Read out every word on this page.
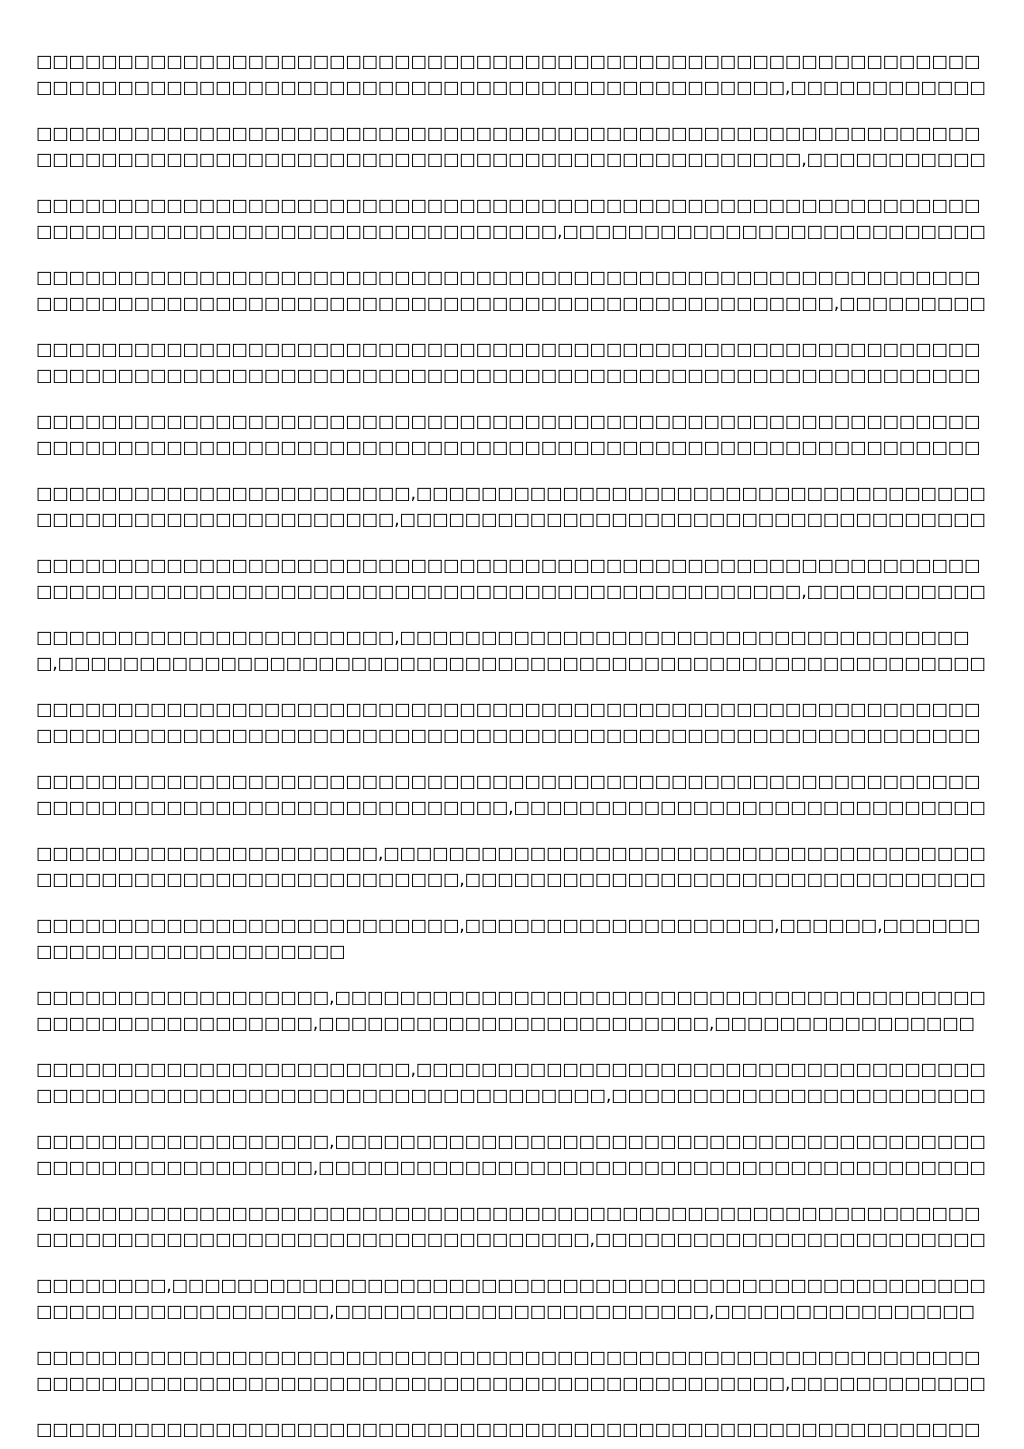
□□□□□□□□□□□□□□□□□□□□□□□□□□□□□□□□□□□□□□□□□□□□□□□□□□□□□□□□□□□□□□□□□□□□□□□□□□□□□□□□□□□□□□□□□□□□□□□□□□□□□□□□,□□□□□□□□□□□□

□□□□□□□□□□□□□□□□□□□□□□□□□□□□□□□□□□□□□□□□□□□□□□□□□□□□□□□□□□□□□□□□□□□□□□□□□□□□□□□□□□□□□□□□□□□□□□□□□□□□□□□□□,□□□□□□□□□□□

□□□□□□□□□□□□□□□□□□□□□□□□□□□□□□□□□□□□□□□□□□□□□□□□□□□□□□□□□□□□□□□□□□□□□□□□□□□□□□□□□□□□□□□□□□,□□□□□□□□□□□□□□□□□□□□□□□□□□

□□□□□□□□□□□□□□□□□□□□□□□□□□□□□□□□□□□□□□□□□□□□□□□□□□□□□□□□□□□□□□□□□□□□□□□□□□□□□□□□□□□□□□□□□□□□□□□□□□□□□□□□□□□,□□□□□□□□□

□□□□□□□□□□□□□□□□□□□□□□□□□□□□□□□□□□□□□□□□□□□□□□□□□□□□□□□□□□□□□□□□□□□□□□□□□□□□□□□□□□□□□□□□□□□□□□□□□□□□□□□□□□□□□□□□□□□□

□□□□□□□□□□□□□□□□□□□□□□□□□□□□□□□□□□□□□□□□□□□□□□□□□□□□□□□□□□□□□□□□□□□□□□□□□□□□□□□□□□□□□□□□□□□□□□□□□□□□□□□□□□□□□□□□□□□□

□□□□□□□□□□□□□□□□□□□□□□□,□□□□□□□□□□□□□□□□□□□□□□□□□□□□□□□□□□□□□□□□□□□□□□□□□□□□□□□□□,□□□□□□□□□□□□□□□□□□□□□□□□□□□□□□□□□□□□

□□□□□□□□□□□□□□□□□□□□□□□□□□□□□□□□□□□□□□□□□□□□□□□□□□□□□□□□□□□□□□□□□□□□□□□□□□□□□□□□□□□□□□□□□□□□□□□□□□□□□□□□□,□□□□□□□□□□□

□□□□□□□□□□□□□□□□□□□□□□,□□□□□□□□□□□□□□□□□□□□□□□□□□□□□□□□□□□□,□□□□□□□□□□□□□□□□□□□□□□□□□□□□□□□□□□□□□□□□□□□□□□□□□□□□□□□□□

□□□□□□□□□□□□□□□□□□□□□□□□□□□□□□□□□□□□□□□□□□□□□□□□□□□□□□□□□□□□□□□□□□□□□□□□□□□□□□□□□□□□□□□□□□□□□□□□□□□□□□□□□□□□□□□□□□□□

□□□□□□□□□□□□□□□□□□□□□□□□□□□□□□□□□□□□□□□□□□□□□□□□□□□□□□□□□□□□□□□□□□□□□□□□□□□□□□□□□□□□□□□,□□□□□□□□□□□□□□□□□□□□□□□□□□□□□

□□□□□□□□□□□□□□□□□□□□□,□□□□□□□□□□□□□□□□□□□□□□□□□□□□□□□□□□□□□□□□□□□□□□□□□□□□□□□□□□□□□□□,□□□□□□□□□□□□□□□□□□□□□□□□□□□□□□□□

□□□□□□□□□□□□□□□□□□□□□□□□□□,□□□□□□□□□□□□□□□□□□□,□□□□□□,□□□□□□□□□□□□□□□□□□□□□□□□□

□□□□□□□□□□□□□□□□□□,□□□□□□□□□□□□□□□□□□□□□□□□□□□□□□□□□□□□□□□□□□□□□□□□□□□□□□□□□,□□□□□□□□□□□□□□□□□□□□□□□□,□□□□□□□□□□□□□□□□

□□□□□□□□□□□□□□□□□□□□□□□,□□□□□□□□□□□□□□□□□□□□□□□□□□□□□□□□□□□□□□□□□□□□□□□□□□□□□□□□□□□□□□□□□□□□□□,□□□□□□□□□□□□□□□□□□□□□□□

□□□□□□□□□□□□□□□□□□,□□□□□□□□□□□□□□□□□□□□□□□□□□□□□□□□□□□□□□□□□□□□□□□□□□□□□□□□□,□□□□□□□□□□□□□□□□□□□□□□□□□□□□□□□□□□□□□□□□□

□□□□□□□□□□□□□□□□□□□□□□□□□□□□□□□□□□□□□□□□□□□□□□□□□□□□□□□□□□□□□□□□□□□□□□□□□□□□□□□□□□□□□□□□□□□□,□□□□□□□□□□□□□□□□□□□□□□□□

□□□□□□□□,□□□□□□□□□□□□□□□□□□□□□□□□□□□□□□□□□□□□□□□□□□□□□□□□□□□□□□□□□□□□□□□□□□□□,□□□□□□□□□□□□□□□□□□□□□□□,□□□□□□□□□□□□□□□□

□□□□□□□□□□□□□□□□□□□□□□□□□□□□□□□□□□□□□□□□□□□□□□□□□□□□□□□□□□□□□□□□□□□□□□□□□□□□□□□□□□□□□□□□□□□□□□□□□□□□□□□□,□□□□□□□□□□□□

□□□□□□□□□□□□□□□□□□□□□□□□□□□□□□□□□□□□□□□□□□□□□□□□□□□□□□□□□□
